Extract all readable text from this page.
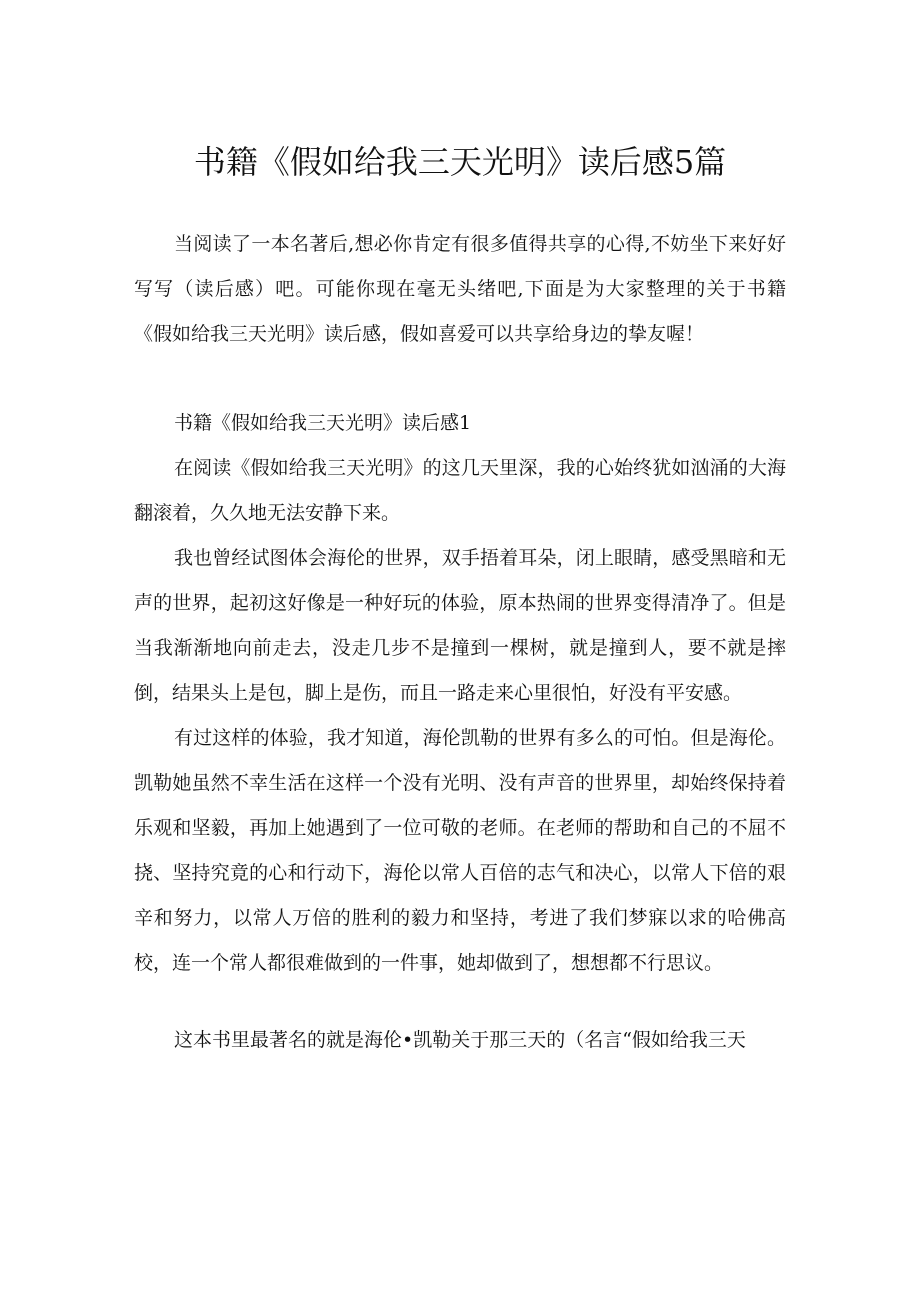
书籍《假如给我三天光明》读后感5篇

当阅读了一本名著后,想必你肯定有很多值得共享的心得,不妨坐下来好好写写（读后感）吧。可能你现在毫无头绪吧,下面是为大家整理的关于书籍《假如给我三天光明》读后感，假如喜爱可以共享给身边的挚友喔！

书籍《假如给我三天光明》读后感1

在阅读《假如给我三天光明》的这几天里深，我的心始终犹如汹涌的大海翻滚着，久久地无法安静下来。

我也曾经试图体会海伦的世界，双手捂着耳朵，闭上眼睛，感受黑暗和无声的世界，起初这好像是一种好玩的体验，原本热闹的世界变得清净了。但是当我渐渐地向前走去，没走几步不是撞到一棵树，就是撞到人，要不就是摔倒，结果头上是包，脚上是伤，而且一路走来心里很怕，好没有平安感。

有过这样的体验，我才知道，海伦凯勒的世界有多么的可怕。但是海伦。凯勒她虽然不幸生活在这样一个没有光明、没有声音的世界里，却始终保持着乐观和坚毅，再加上她遇到了一位可敬的老师。在老师的帮助和自己的不屈不挠、坚持究竟的心和行动下，海伦以常人百倍的志气和决心，以常人下倍的艰辛和努力，以常人万倍的胜利的毅力和坚持，考进了我们梦寐以求的哈佛高校，连一个常人都很难做到的一件事，她却做到了，想想都不行思议。

这本书里最著名的就是海伦•凯勒关于那三天的（名言“假如给我三天
